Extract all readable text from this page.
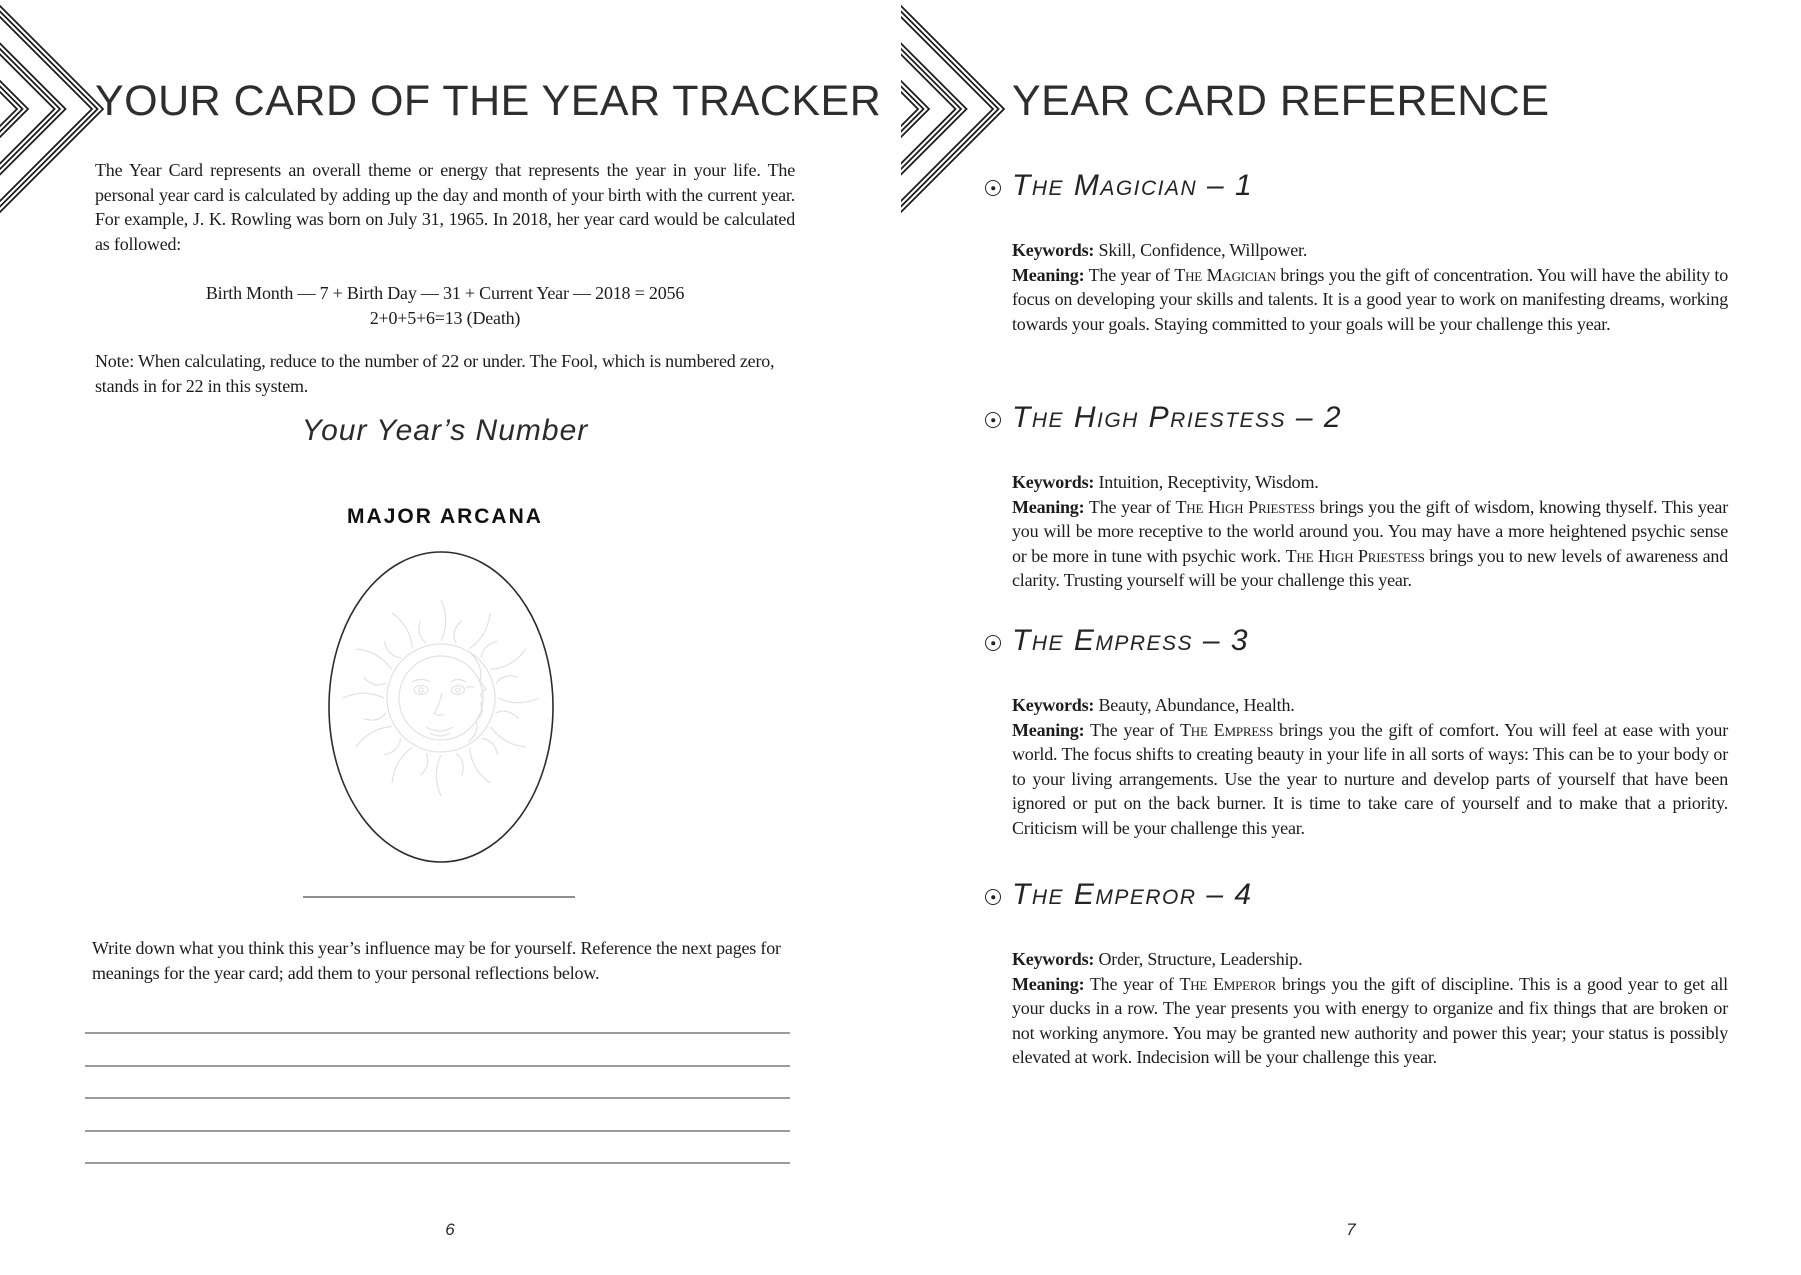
YOUR CARD OF THE YEAR TRACKER

The Year Card represents an overall theme or energy that represents the year in your life. The personal year card is calculated by adding up the day and month of your birth with the current year. For example, J. K. Rowling was born on July 31, 1965. In 2018, her year card would be calculated as followed:

Birth Month — 7 + Birth Day — 31 + Current Year — 2018 = 2056
2+0+5+6=13 (Death)

Note: When calculating, reduce to the number of 22 or under. The Fool, which is numbered zero, stands in for 22 in this system.

Your Year’s Number
MAJOR ARCANA

Write down what you think this year’s influence may be for yourself. Reference the next pages for meanings for the year card; add them to your personal reflections below.

6
YEAR CARD REFERENCE
The Magician – 1

Keywords: Skill, Confidence, Willpower.

Meaning: The year of The Magician brings you the gift of concentration. You will have the ability to focus on developing your skills and talents. It is a good year to work on manifesting dreams, working towards your goals. Staying committed to your goals will be your challenge this year.

The High Priestess – 2

Keywords: Intuition, Receptivity, Wisdom.

Meaning: The year of The High Priestess brings you the gift of wisdom, knowing thyself. This year you will be more receptive to the world around you. You may have a more heightened psychic sense or be more in tune with psychic work. The High Priestess brings you to new levels of awareness and clarity. Trusting yourself will be your challenge this year.

The Empress – 3

Keywords: Beauty, Abundance, Health.

Meaning: The year of The Empress brings you the gift of comfort. You will feel at ease with your world. The focus shifts to creating beauty in your life in all sorts of ways: This can be to your body or to your living arrangements. Use the year to nurture and develop parts of yourself that have been ignored or put on the back burner. It is time to take care of yourself and to make that a priority. Criticism will be your challenge this year.

The Emperor – 4

Keywords: Order, Structure, Leadership.

Meaning: The year of The Emperor brings you the gift of discipline. This is a good year to get all your ducks in a row. The year presents you with energy to organize and fix things that are broken or not working anymore. You may be granted new authority and power this year; your status is possibly elevated at work. Indecision will be your challenge this year.

7
